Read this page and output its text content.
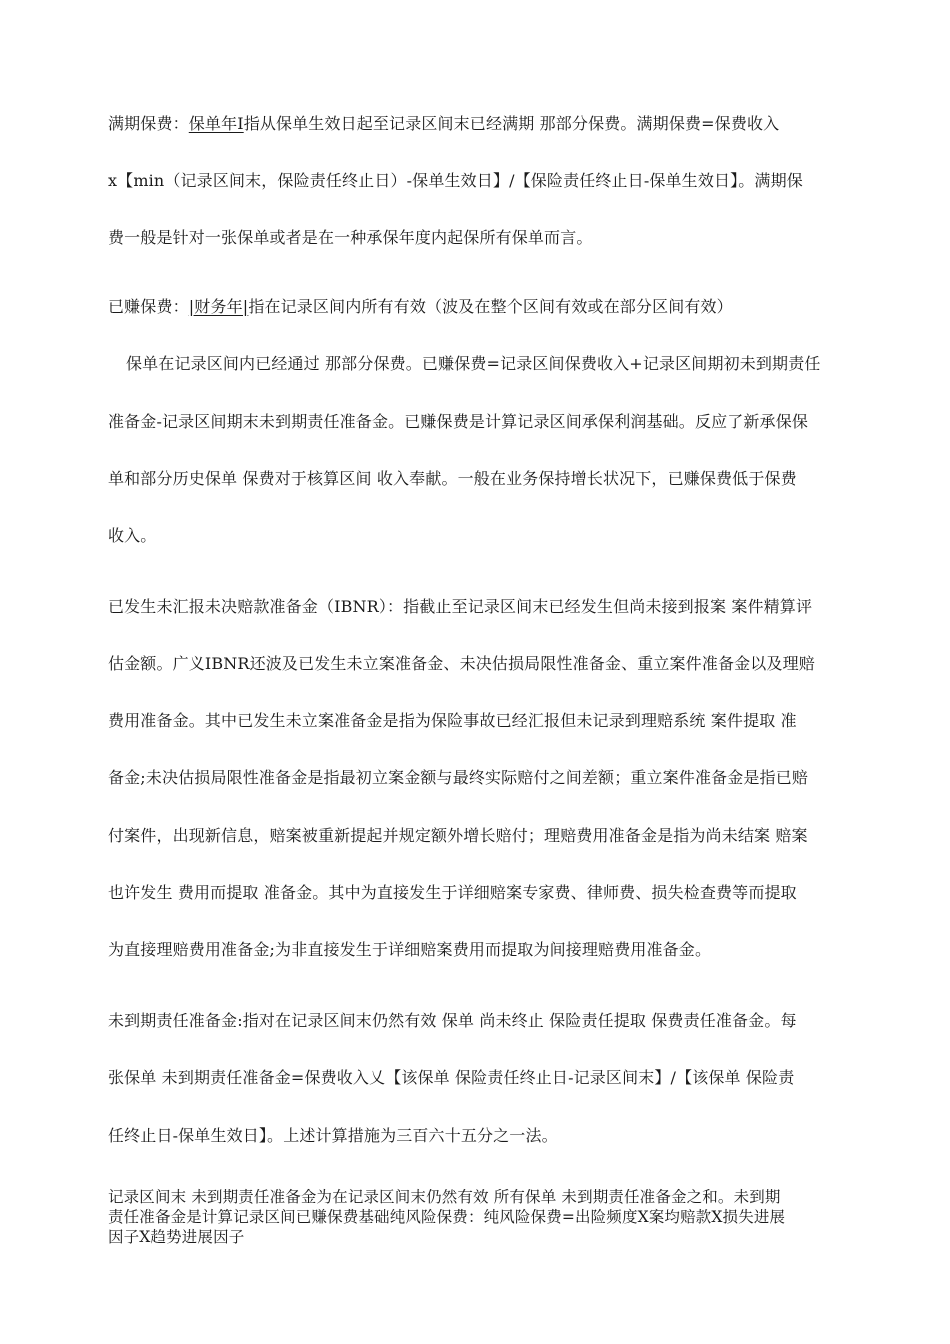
满期保费：保单年Ⅰ指从保单生效日起至记录区间末已经满期 那部分保费。满期保费=保费收入
x【min（记录区间末，保险责任终止日）-保单生效日】/【保险责任终止日-保单生效日】。满期保
费一般是针对一张保单或者是在一种承保年度内起保所有保单而言。
已赚保费：|财务年|指在记录区间内所有有效（波及在整个区间有效或在部分区间有效）
保单在记录区间内已经通过 那部分保费。已赚保费=记录区间保费收入+记录区间期初未到期责任
准备金-记录区间期末未到期责任准备金。已赚保费是计算记录区间承保利润基础。反应了新承保保
单和部分历史保单 保费对于核算区间 收入奉献。一般在业务保持增长状况下，已赚保费低于保费
收入。
已发生未汇报未决赔款准备金（IBNR）：指截止至记录区间末已经发生但尚未接到报案 案件精算评
估金额。广义IBNR还波及已发生未立案准备金、未决估损局限性准备金、重立案件准备金以及理赔
费用准备金。其中已发生未立案准备金是指为保险事故已经汇报但未记录到理赔系统 案件提取 准
备金;未决估损局限性准备金是指最初立案金额与最终实际赔付之间差额；重立案件准备金是指已赔
付案件，出现新信息，赔案被重新提起并规定额外增长赔付；理赔费用准备金是指为尚未结案 赔案
也许发生 费用而提取 准备金。其中为直接发生于详细赔案专家费、律师费、损失检查费等而提取
为直接理赔费用准备金;为非直接发生于详细赔案费用而提取为间接理赔费用准备金。
未到期责任准备金:指对在记录区间末仍然有效 保单 尚未终止 保险责任提取 保费责任准备金。每
张保单 未到期责任准备金=保费收入乂【该保单 保险责任终止日-记录区间末】/【该保单 保险责
任终止日-保单生效日】。上述计算措施为三百六十五分之一法。
记录区间末 未到期责任准备金为在记录区间末仍然有效 所有保单 未到期责任准备金之和。未到期
责任准备金是计算记录区间已赚保费基础纯风险保费：纯风险保费=出险频度X案均赔款X损失进展
因子X趋势进展因子
